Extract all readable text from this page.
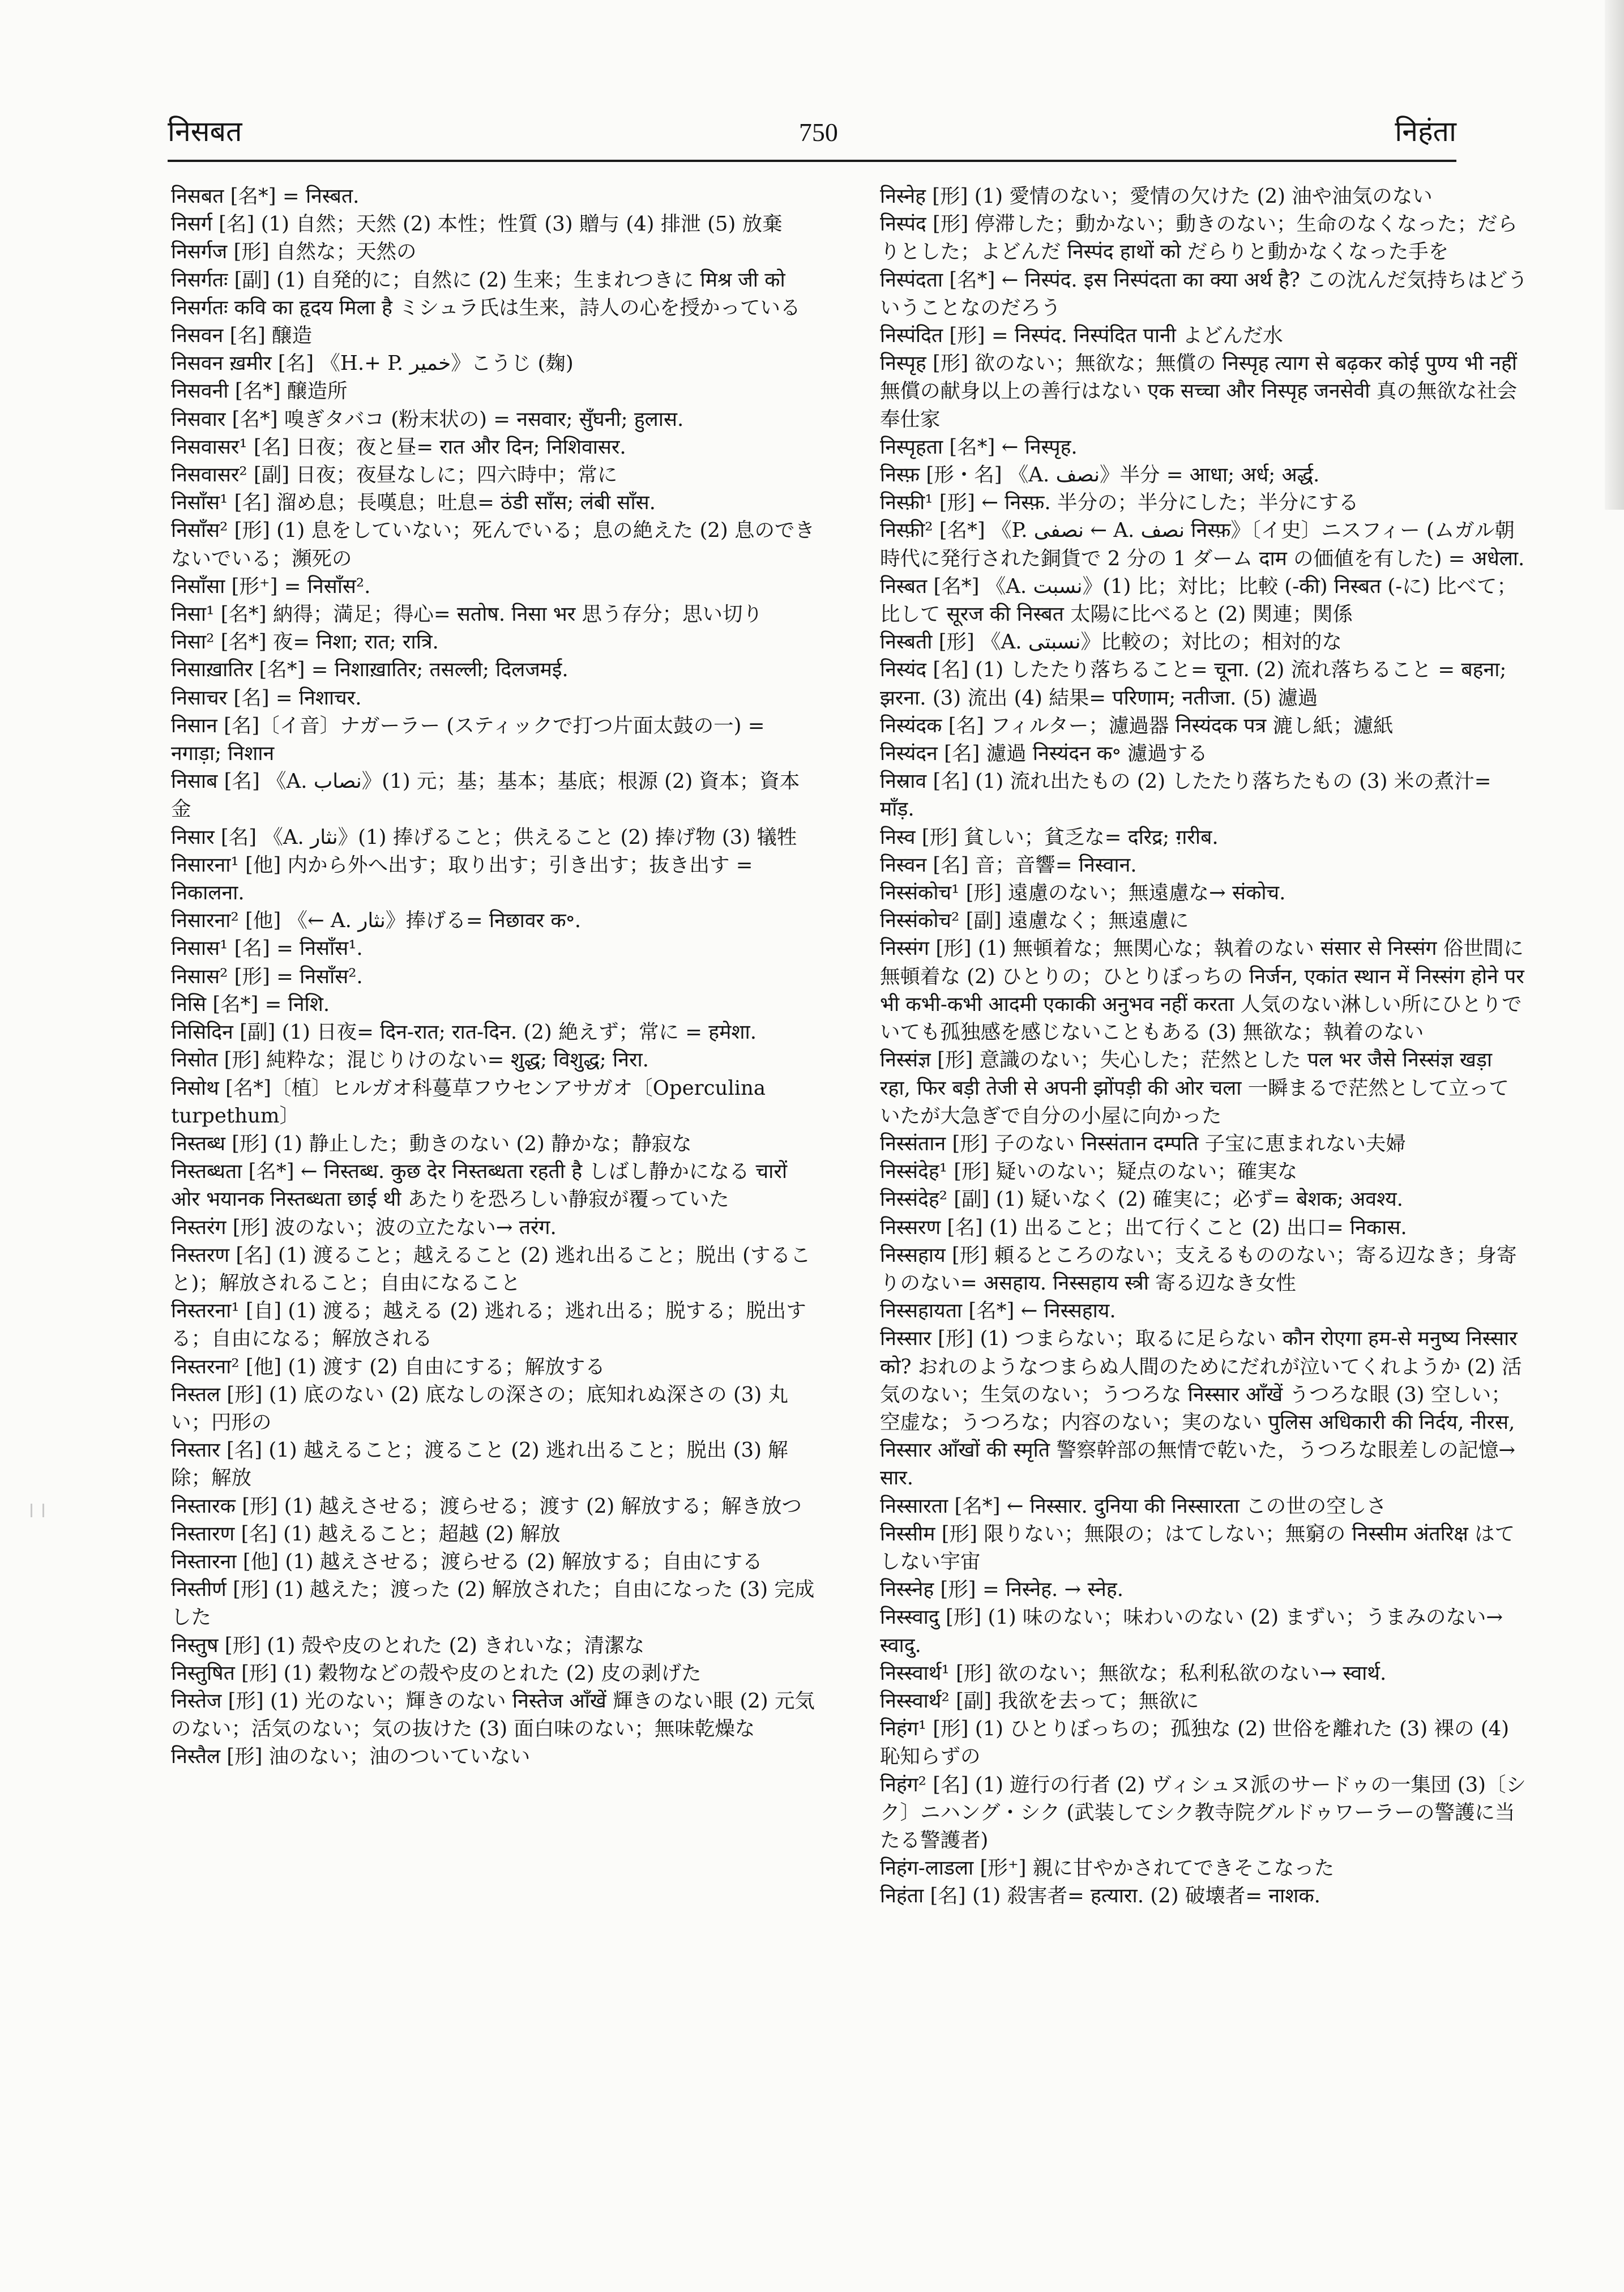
निसबत	750	निहंता

निसबत [名*] = निस्बत.

निसर्ग [名] (1) 自然；天然 (2) 本性；性質 (3) 贈与 (4) 排泄 (5) 放棄

निसर्गज [形] 自然な；天然の

निसर्गतः [副] (1) 自発的に；自然に (2) 生来；生まれつきに मिश्र जी को निसर्गतः कवि का हृदय मिला है ミシュラ氏は生来，詩人の心を授かっている

निसवन [名] 醸造

निसवन ख़मीर [名] 《H.+ P. خمير》こうじ (麹)

निसवनी [名*] 醸造所

निसवार [名*] 嗅ぎタバコ (粉末状の) = नसवार; सुँघनी; हुलास.

निसवासर¹ [名] 日夜；夜と昼= रात और दिन; निशिवासर.

निसवासर² [副] 日夜；夜昼なしに；四六時中；常に

निसाँस¹ [名] 溜め息；長嘆息；吐息= ठंडी साँस; लंबी साँस.

निसाँस² [形] (1) 息をしていない；死んでいる；息の絶えた (2) 息のできないでいる；瀕死の

निसाँसा [形⁺] = निसाँस².

निसा¹ [名*] 納得；満足；得心= सतोष. निसा भर 思う存分；思い切り

निसा² [名*] 夜= निशा; रात; रात्रि.

निसाख़ातिर [名*] = निशाख़ातिर; तसल्ली; दिलजमई.

निसाचर [名] = निशाचर.

निसान [名]〔イ音〕ナガーラー (スティックで打つ片面太鼓の一) = नगाड़ा; निशान

निसाब [名] 《A. نصاب》(1) 元；基；基本；基底；根源 (2) 資本；資本金

निसार [名] 《A. نثار》(1) 捧げること；供えること (2) 捧げ物 (3) 犠牲

निसारना¹ [他] 内から外へ出す；取り出す；引き出す；抜き出す = निकालना.

निसारना² [他] 《← A. نثار》捧げる= निछावर क॰.

निसास¹ [名] = निसाँस¹.

निसास² [形] = निसाँस².

निसि [名*] = निशि.

निसिदिन [副] (1) 日夜= दिन-रात; रात-दिन. (2) 絶えず；常に = हमेशा.

निसोत [形] 純粋な；混じりけのない= शुद्ध; विशुद्ध; निरा.

निसोथ [名*]〔植〕ヒルガオ科蔓草フウセンアサガオ〔Operculina turpethum〕

निस्तब्ध [形] (1) 静止した；動きのない (2) 静かな；静寂な

निस्तब्धता [名*] ← निस्तब्ध. कुछ देर निस्तब्धता रहती है しばし静かになる चारों ओर भयानक निस्तब्धता छाई थी あたりを恐ろしい静寂が覆っていた

निस्तरंग [形] 波のない；波の立たない→ तरंग.

निस्तरण [名] (1) 渡ること；越えること (2) 逃れ出ること；脱出 (すること)；解放されること；自由になること

निस्तरना¹ [自] (1) 渡る；越える (2) 逃れる；逃れ出る；脱する；脱出する；自由になる；解放される

निस्तरना² [他] (1) 渡す (2) 自由にする；解放する

निस्तल [形] (1) 底のない (2) 底なしの深さの；底知れぬ深さの (3) 丸い；円形の

निस्तार [名] (1) 越えること；渡ること (2) 逃れ出ること；脱出 (3) 解除；解放

निस्तारक [形] (1) 越えさせる；渡らせる；渡す (2) 解放する；解き放つ

निस्तारण [名] (1) 越えること；超越 (2) 解放

निस्तारना [他] (1) 越えさせる；渡らせる (2) 解放する；自由にする

निस्तीर्ण [形] (1) 越えた；渡った (2) 解放された；自由になった (3) 完成した

निस्तुष [形] (1) 殻や皮のとれた (2) きれいな；清潔な

निस्तुषित [形] (1) 穀物などの殻や皮のとれた (2) 皮の剥げた

निस्तेज [形] (1) 光のない；輝きのない निस्तेज आँखें 輝きのない眼 (2) 元気のない；活気のない；気の抜けた (3) 面白味のない；無味乾燥な

निस्तैल [形] 油のない；油のついていない

निस्नेह [形] (1) 愛情のない；愛情の欠けた (2) 油や油気のない

निस्पंद [形] 停滞した；動かない；動きのない；生命のなくなった；だらりとした；よどんだ निस्पंद हाथों को だらりと動かなくなった手を

निस्पंदता [名*] ← निस्पंद. इस निस्पंदता का क्या अर्थ है? この沈んだ気持ちはどういうことなのだろう

निस्पंदित [形] = निस्पंद. निस्पंदित पानी よどんだ水

निस्पृह [形] 欲のない；無欲な；無償の निस्पृह त्याग से बढ़कर कोई पुण्य भी नहीं 無償の献身以上の善行はない एक सच्चा और निस्पृह जनसेवी 真の無欲な社会奉仕家

निस्पृहता [名*] ← निस्पृह.

निस्फ़ [形・名] 《A. نصف》半分 = आधा; अर्ध; अर्द्ध.

निस्फ़ी¹ [形] ← निस्फ़. 半分の；半分にした；半分にする

निस्फ़ी² [名*] 《P. نصفی ← A. نصف निस्फ़》〔イ史〕ニスフィー (ムガル朝時代に発行された銅貨で 2 分の 1 ダーム दाम の価値を有した) = अधेला.

निस्बत [名*] 《A. نسبت》(1) 比；対比；比較 (-की) निस्बत (-に) 比べて；比して सूरज की निस्बत 太陽に比べると (2) 関連；関係

निस्बती [形] 《A. نسبتی》比較の；対比の；相対的な

निस्यंद [名] (1) したたり落ちること= चूना. (2) 流れ落ちること = बहना; झरना. (3) 流出 (4) 結果= परिणाम; नतीजा. (5) 濾過

निस्यंदक [名] フィルター；濾過器 निस्यंदक पत्र 漉し紙；濾紙

निस्यंदन [名] 濾過 निस्यंदन क॰ 濾過する

निस्राव [名] (1) 流れ出たもの (2) したたり落ちたもの (3) 米の煮汁= माँड़.

निस्व [形] 貧しい；貧乏な= दरिद्र; ग़रीब.

निस्वन [名] 音；音響= निस्वान.

निस्संकोच¹ [形] 遠慮のない；無遠慮な→ संकोच.

निस्संकोच² [副] 遠慮なく；無遠慮に

निस्संग [形] (1) 無頓着な；無関心な；執着のない संसार से निस्संग 俗世間に無頓着な (2) ひとりの；ひとりぼっちの निर्जन, एकांत स्थान में निस्संग होने पर भी कभी-कभी आदमी एकाकी अनुभव नहीं करता 人気のない淋しい所にひとりでいても孤独感を感じないこともある (3) 無欲な；執着のない

निस्संज्ञ [形] 意識のない；失心した；茫然とした पल भर जैसे निस्संज्ञ खड़ा रहा, फिर बड़ी तेजी से अपनी झोंपड़ी की ओर चला 一瞬まるで茫然として立っていたが大急ぎで自分の小屋に向かった

निस्संतान [形] 子のない निस्संतान दम्पति 子宝に恵まれない夫婦

निस्संदेह¹ [形] 疑いのない；疑点のない；確実な

निस्संदेह² [副] (1) 疑いなく (2) 確実に；必ず= बेशक; अवश्य.

निस्सरण [名] (1) 出ること；出て行くこと (2) 出口= निकास.

निस्सहाय [形] 頼るところのない；支えるもののない；寄る辺なき；身寄りのない= असहाय. निस्सहाय स्त्री 寄る辺なき女性

निस्सहायता [名*] ← निस्सहाय.

निस्सार [形] (1) つまらない；取るに足らない कौन रोएगा हम-से मनुष्य निस्सार को? おれのようなつまらぬ人間のためにだれが泣いてくれようか (2) 活気のない；生気のない；うつろな निस्सार आँखें うつろな眼 (3) 空しい；空虚な；うつろな；内容のない；実のない पुलिस अधिकारी की निर्दय, नीरस, निस्सार आँखों की स्मृति 警察幹部の無情で乾いた，うつろな眼差しの記憶→ सार.

निस्सारता [名*] ← निस्सार. दुनिया की निस्सारता この世の空しさ

निस्सीम [形] 限りない；無限の；はてしない；無窮の निस्सीम अंतरिक्ष はてしない宇宙

निस्स्नेह [形] = निस्नेह. → स्नेह.

निस्स्वादु [形] (1) 味のない；味わいのない (2) まずい；うまみのない→ स्वादु.

निस्स्वार्थ¹ [形] 欲のない；無欲な；私利私欲のない→ स्वार्थ.

निस्स्वार्थ² [副] 我欲を去って；無欲に

निहंग¹ [形] (1) ひとりぼっちの；孤独な (2) 世俗を離れた (3) 裸の (4) 恥知らずの

निहंग² [名] (1) 遊行の行者 (2) ヴィシュヌ派のサードゥの一集団 (3)〔シク〕ニハング・シク (武装してシク教寺院グルドゥワーラーの警護に当たる警護者)

निहंग-लाडला [形⁺] 親に甘やかされてできそこなった

निहंता [名] (1) 殺害者= हत्यारा. (2) 破壊者= नाशक.
